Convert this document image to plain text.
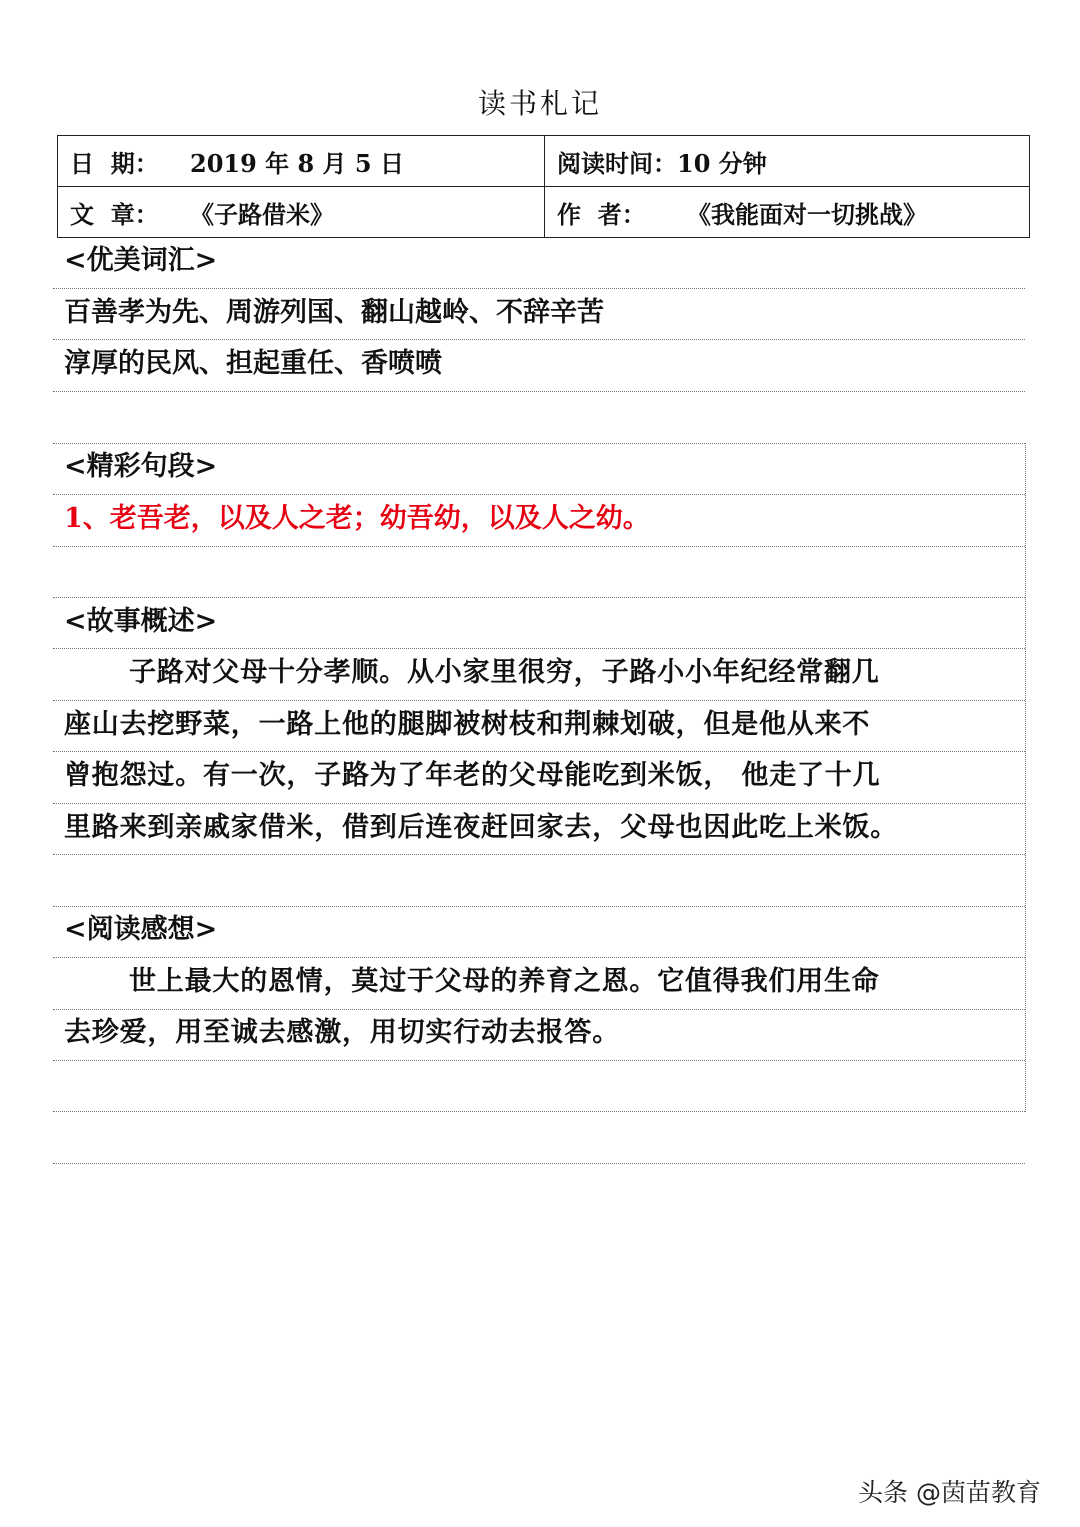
读书札记
日  期： 2019 年 8 月 5 日	阅读时间：10 分钟
文  章： 《子路借米》	作  者： 《我能面对一切挑战》
<优美词汇>
百善孝为先、周游列国、翻山越岭、不辞辛苦
淳厚的民风、担起重任、香喷喷
<精彩句段>
1、老吾老，以及人之老；幼吾幼，以及人之幼。
<故事概述>
子路对父母十分孝顺。从小家里很穷，子路小小年纪经常翻几
座山去挖野菜，一路上他的腿脚被树枝和荆棘划破，但是他从来不
曾抱怨过。有一次，子路为了年老的父母能吃到米饭， 他走了十几
里路来到亲戚家借米，借到后连夜赶回家去，父母也因此吃上米饭。
<阅读感想>
世上最大的恩情，莫过于父母的养育之恩。它值得我们用生命
去珍爱，用至诚去感激，用切实行动去报答。
头条 @茵苗教育
